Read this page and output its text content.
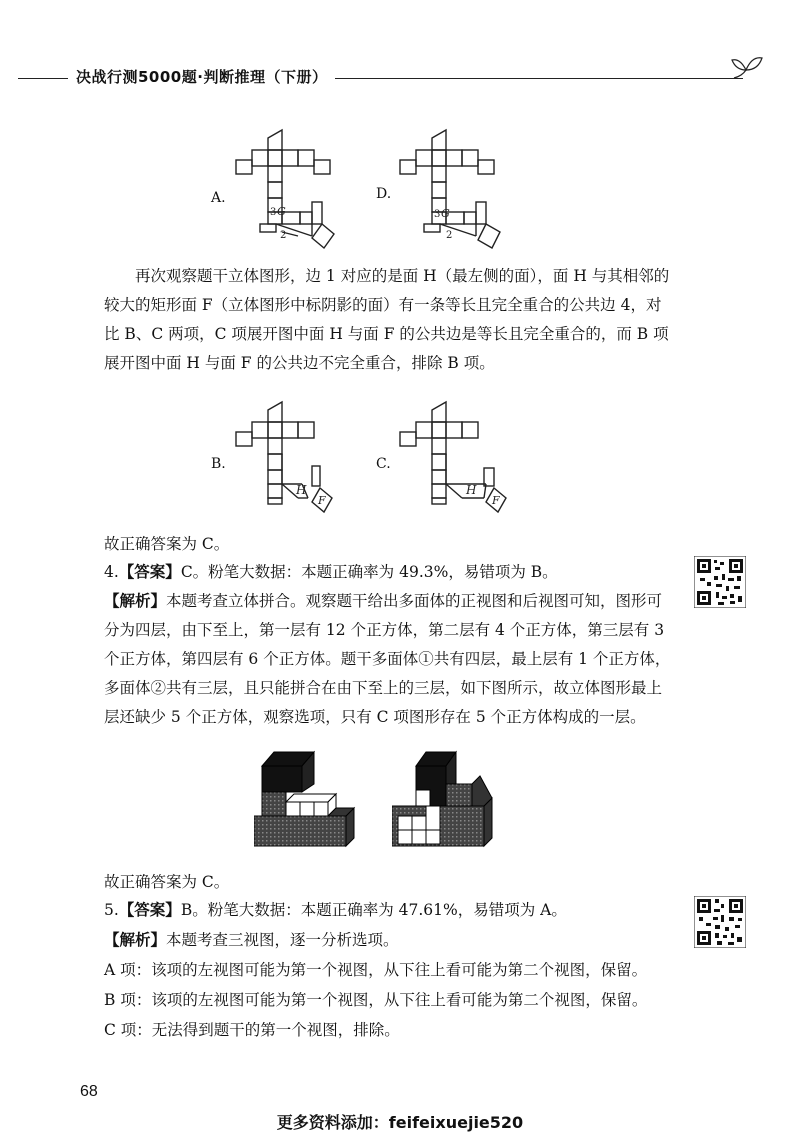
决战行测5000题·判断推理（下册）
A.
3 G
2
D.
3 G
2

再次观察题干立体图形，边 1 对应的是面 H（最左侧的面），面 H 与其相邻的较大的矩形面 F（立体图形中标阴影的面）有一条等长且完全重合的公共边 4，对比 B、C 两项，C 项展开图中面 H 与面 F 的公共边是等长且完全重合的，而 B 项展开图中面 H 与面 F 的公共边不完全重合，排除 B 项。

B.
H
F
C.
H
F
故正确答案为 C。
4.【答案】C。粉笔大数据：本题正确率为 49.3%，易错项为 B。

【解析】本题考查立体拼合。观察题干给出多面体的正视图和后视图可知，图形可分为四层，由下至上，第一层有 12 个正方体，第二层有 4 个正方体，第三层有 3 个正方体，第四层有 6 个正方体。题干多面体①共有四层，最上层有 1 个正方体，多面体②共有三层，且只能拼合在由下至上的三层，如下图所示，故立体图形最上层还缺少 5 个正方体，观察选项，只有 C 项图形存在 5 个正方体构成的一层。

故正确答案为 C。
5.【答案】B。粉笔大数据：本题正确率为 47.61%，易错项为 A。
【解析】本题考查三视图，逐一分析选项。
A 项：该项的左视图可能为第一个视图，从下往上看可能为第二个视图，保留。
B 项：该项的左视图可能为第一个视图，从下往上看可能为第二个视图，保留。
C 项：无法得到题干的第一个视图，排除。
68
更多资料添加：feifeixuejie520
